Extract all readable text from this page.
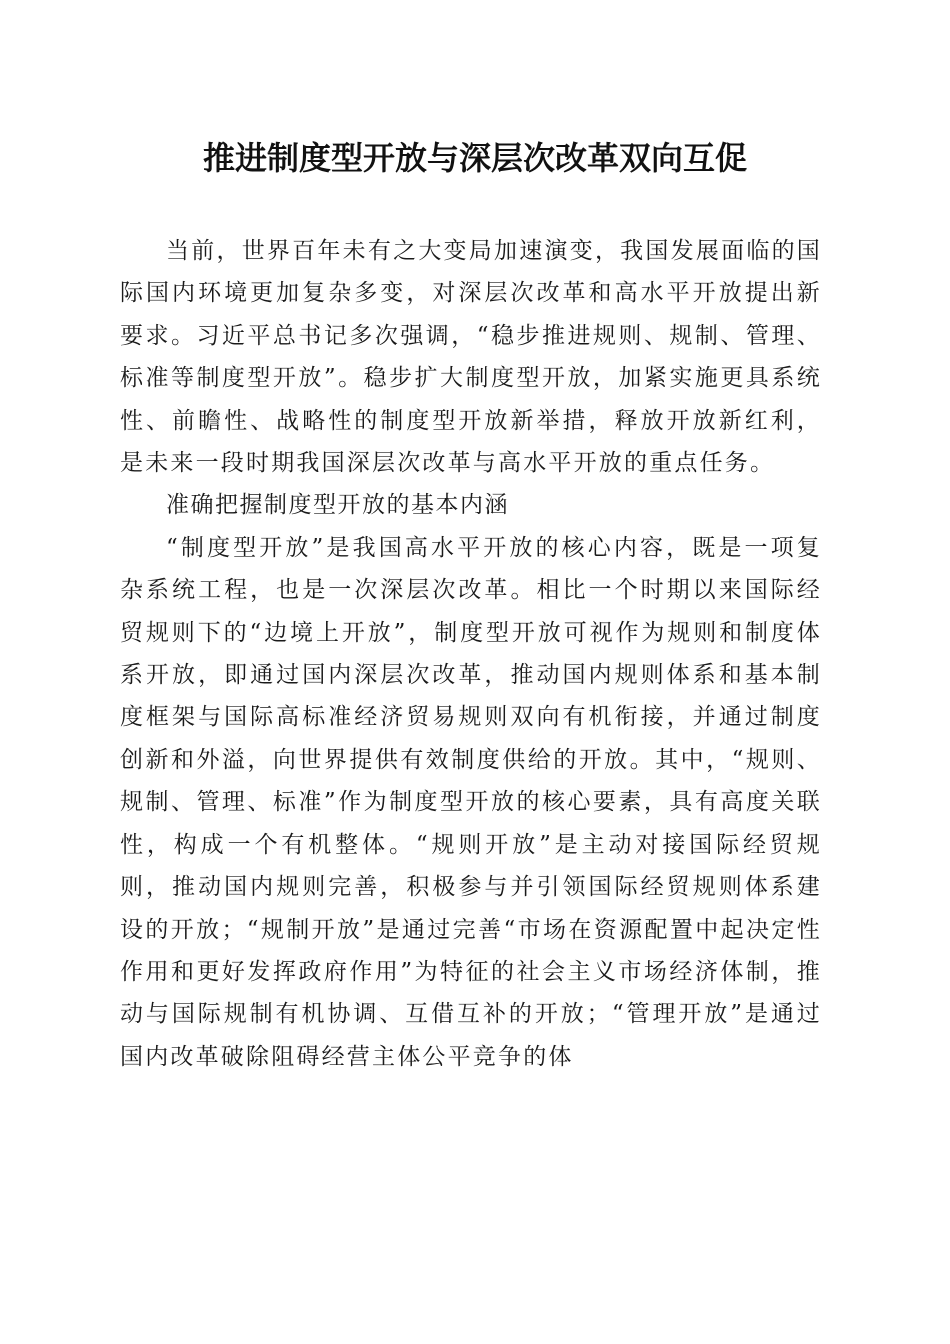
推进制度型开放与深层次改革双向互促

当前，世界百年未有之大变局加速演变，我国发展面临的国际国内环境更加复杂多变，对深层次改革和高水平开放提出新要求。习近平总书记多次强调，“稳步推进规则、规制、管理、标准等制度型开放”。稳步扩大制度型开放，加紧实施更具系统性、前瞻性、战略性的制度型开放新举措，释放开放新红利，是未来一段时期我国深层次改革与高水平开放的重点任务。

准确把握制度型开放的基本内涵

“制度型开放”是我国高水平开放的核心内容，既是一项复杂系统工程，也是一次深层次改革。相比一个时期以来国际经贸规则下的“边境上开放”，制度型开放可视作为规则和制度体系开放，即通过国内深层次改革，推动国内规则体系和基本制度框架与国际高标准经济贸易规则双向有机衔接，并通过制度创新和外溢，向世界提供有效制度供给的开放。其中，“规则、规制、管理、标准”作为制度型开放的核心要素，具有高度关联性，构成一个有机整体。“规则开放”是主动对接国际经贸规则，推动国内规则完善，积极参与并引领国际经贸规则体系建设的开放；“规制开放”是通过完善“市场在资源配置中起决定性作用和更好发挥政府作用”为特征的社会主义市场经济体制，推动与国际规制有机协调、互借互补的开放；“管理开放”是通过国内改革破除阻碍经营主体公平竞争的体
